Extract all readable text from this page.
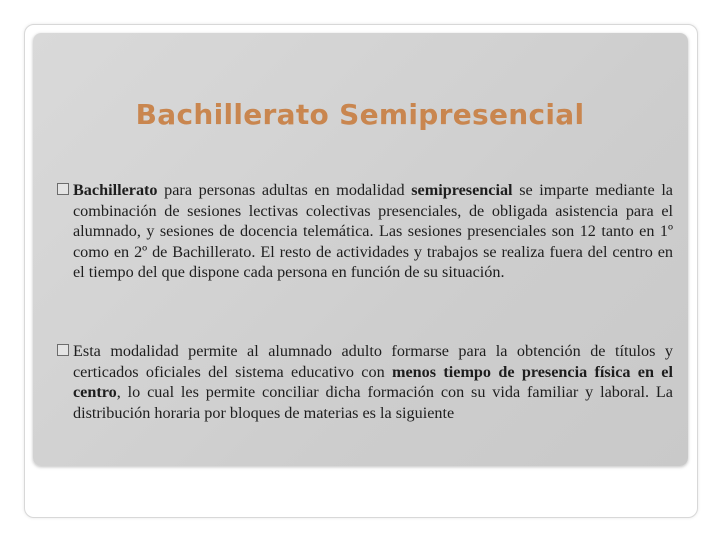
Bachillerato Semipresencial
Bachillerato para personas adultas en modalidad semipresencial se imparte mediante la combinación de sesiones lectivas colectivas presenciales, de obligada asistencia para el alumnado, y sesiones de docencia telemática. Las sesiones presenciales son 12 tanto en 1º como en 2º de Bachillerato. El resto de actividades y trabajos se realiza fuera del centro en el tiempo del que dispone cada persona en función de su situación.
Esta modalidad permite al alumnado adulto formarse para la obtención de títulos y certicados oficiales del sistema educativo con menos tiempo de presencia física en el centro, lo cual les permite conciliar dicha formación con su vida familiar y laboral. La distribución horaria por bloques de materias es la siguiente
